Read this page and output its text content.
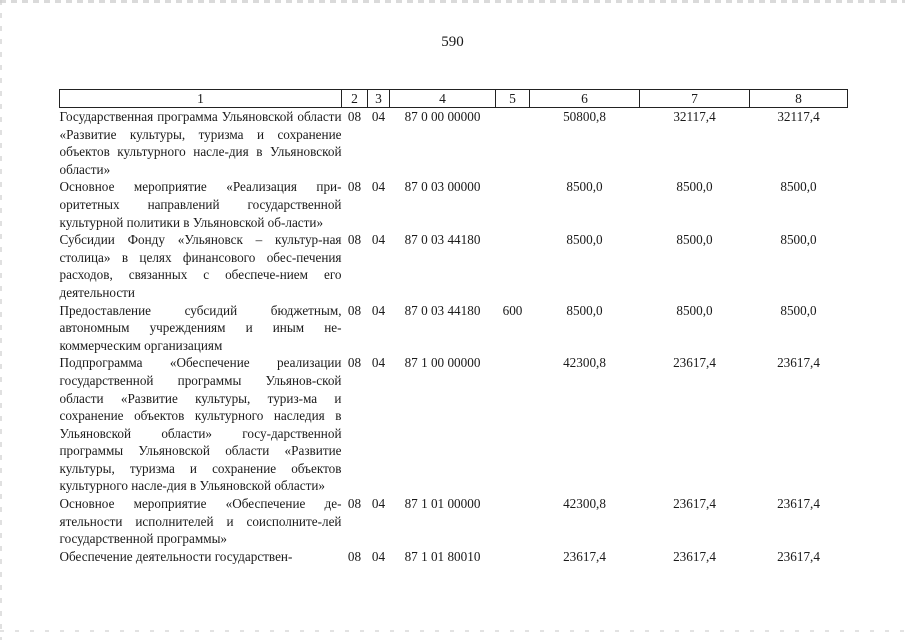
590
1	2	3	4	5	6	7	8
Государственная программа Ульяновской области «Развитие культуры, туризма и сохранение объектов культурного насле-дия в Ульяновской области»	08	04	87 0 00 00000		50800,8	32117,4	32117,4
Основное мероприятие «Реализация при-оритетных направлений государственной культурной политики в Ульяновской об-ласти»	08	04	87 0 03 00000		8500,0	8500,0	8500,0
Субсидии Фонду «Ульяновск – культур-ная столица» в целях финансового обес-печения расходов, связанных с обеспече-нием его деятельности	08	04	87 0 03 44180		8500,0	8500,0	8500,0
Предоставление субсидий бюджетным, автономным учреждениям и иным не-коммерческим организациям	08	04	87 0 03 44180	600	8500,0	8500,0	8500,0
Подпрограмма «Обеспечение реализации государственной программы Ульянов-ской области «Развитие культуры, туриз-ма и сохранение объектов культурного наследия в Ульяновской области» госу-дарственной программы Ульяновской области «Развитие культуры, туризма и сохранение объектов культурного насле-дия в Ульяновской области»	08	04	87 1 00 00000		42300,8	23617,4	23617,4
Основное мероприятие «Обеспечение де-ятельности исполнителей и соисполните-лей государственной программы»	08	04	87 1 01 00000		42300,8	23617,4	23617,4
Обеспечение деятельности государствен-	08	04	87 1 01 80010		23617,4	23617,4	23617,4
